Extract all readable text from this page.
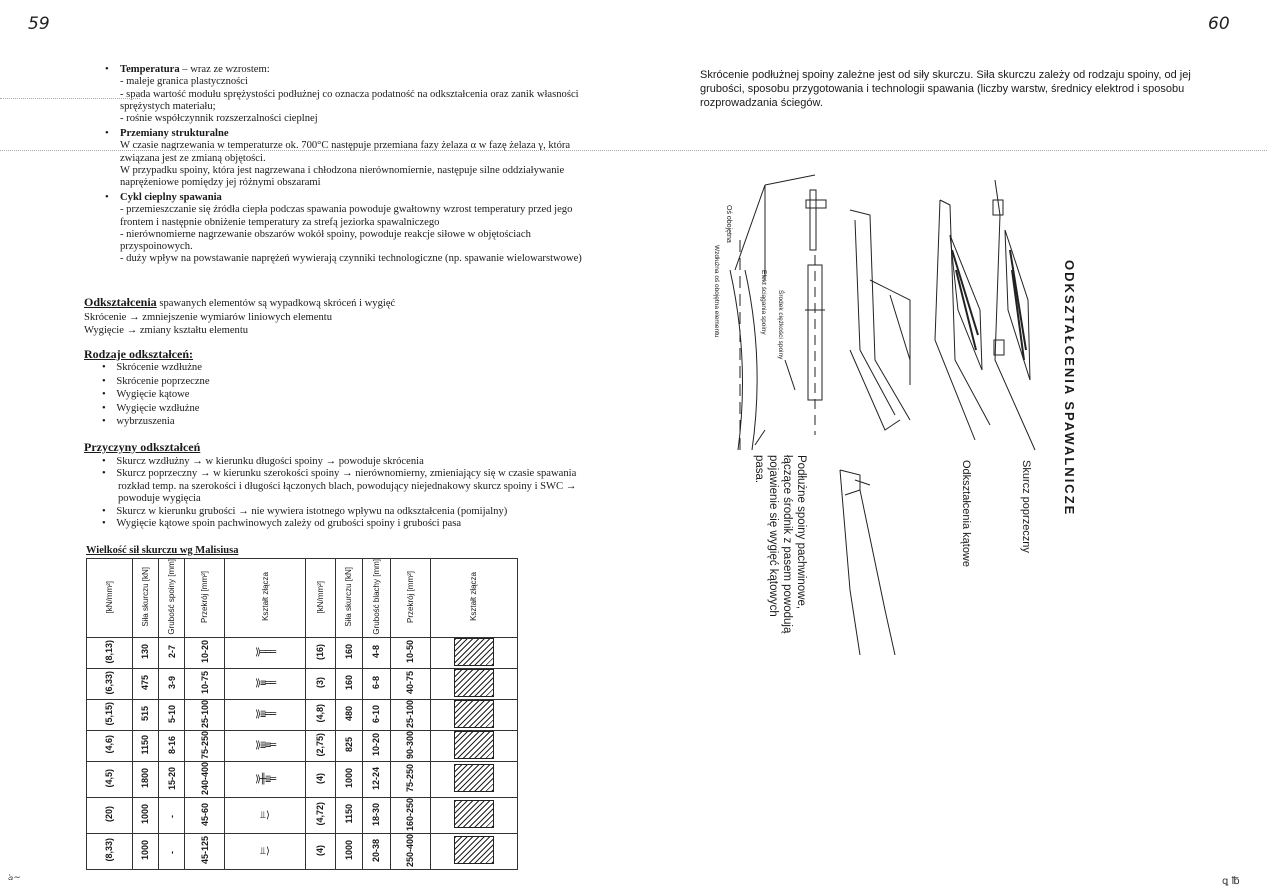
59
• Temperatura – wraz ze wzrostem:
- maleje granica plastyczności
- spada wartość modułu sprężystości podłużnej co oznacza podatność na odkształcenia oraz zanik własności sprężystych materiału;
- rośnie współczynnik rozszerzalności cieplnej
• Przemiany strukturalne
W czasie nagrzewania w temperaturze ok. 700°C następuje przemiana fazy żelaza α w fazę żelaza γ, która związana jest ze zmianą objętości.
W przypadku spoiny, która jest nagrzewana i chłodzona nierównomiernie, następuje silne oddziaływanie naprężeniowe pomiędzy jej różnymi obszarami
• Cykl cieplny spawania
- przemieszczanie się źródła ciepła podczas spawania powoduje gwałtowny wzrost temperatury przed jego frontem i następnie obniżenie temperatury za strefą jeziorka spawalniczego
- nierównomierne nagrzewanie obszarów wokół spoiny, powoduje reakcje siłowe w objętościach przyspoinowych.
- duży wpływ na powstawanie naprężeń wywierają czynniki technologiczne (np. spawanie wielowarstwowe)
Odkształcenia spawanych elementów są wypadkową skróceń i wygięć
Skrócenie → zmniejszenie wymiarów liniowych elementu
Wygięcie → zmiany kształtu elementu
Rodzaje odkształceń:
•    Skrócenie wzdłużne
•    Skrócenie poprzeczne
•    Wygięcie kątowe
•    Wygięcie wzdłużne
•    wybrzuszenia
Przyczyny odkształceń
•    Skurcz wzdłużny → w kierunku długości spoiny → powoduje skrócenia
•    Skurcz poprzeczny → w kierunku szerokości spoiny → nierównomierny, zmieniający się w czasie spawania rozkład temp. na szerokości i długości łączonych blach, powodujący niejednakowy skurcz spoiny i SWC → powoduje wygięcia
•    Skurcz w kierunku grubości → nie wywiera istotnego wpływu na odkształcenia (pomijalny)
•    Wygięcie kątowe spoin pachwinowych zależy od grubości spoiny i grubości pasa
Wielkość sił skurczu wg Malisiusa
[kN/mm²]	Siła skurczu [kN]	Grubość spoiny [mm]	Przekrój [mm²]	Kształt złącza	[kN/mm²]	Siła skurczu [kN]	Grubość blachy [mm]	Przekrój [mm²]	Kształt złącza
(8,13)	130	2-7	10-20	⟫═══	(16)	160	4-8	10-50	
(6,33)	475	3-9	10-75	⟫≡══	(3)	160	6-8	40-75	
(5,15)	515	5-10	25-100	⟫≣══	(4,8)	480	6-10	25-100	
(4,6)	1150	8-16	75-250	⟫≣≡═	(2,75)	825	10-20	90-300	
(4,5)	1800	15-20	240-400	⟫╫≣═	(4)	1000	12-24	75-250	
(20)	1000	-	45-60	⫫⟩	(4,72)	1150	18-30	160-250	
(8,33)	1000	-	45-125	⫫⟩	(4)	1000	20-38	250-400	
60
Skrócenie podłużnej spoiny zależne jest od siły skurczu. Siła skurczu zależy od rodzaju spoiny, od jej grubości, sposobu przygotowania i technologii spawania (liczby warstw, średnicy elektrod i sposobu rozprowadzania ściegów.
ODKSZTAŁCENIA SPAWALNICZE
Oś obojętna
Efekt ściągania spoiny Środek ciężkości spoiny
Wzdłużna oś obojętna elementu
Podłużne spoiny pachwinowe, łączące środnik z pasem powodują pojawienie się wygięć kątowych pasa.	Odkształcenia kątowe	Skurcz poprzeczny
ঌ∼	ꝗ ℔
